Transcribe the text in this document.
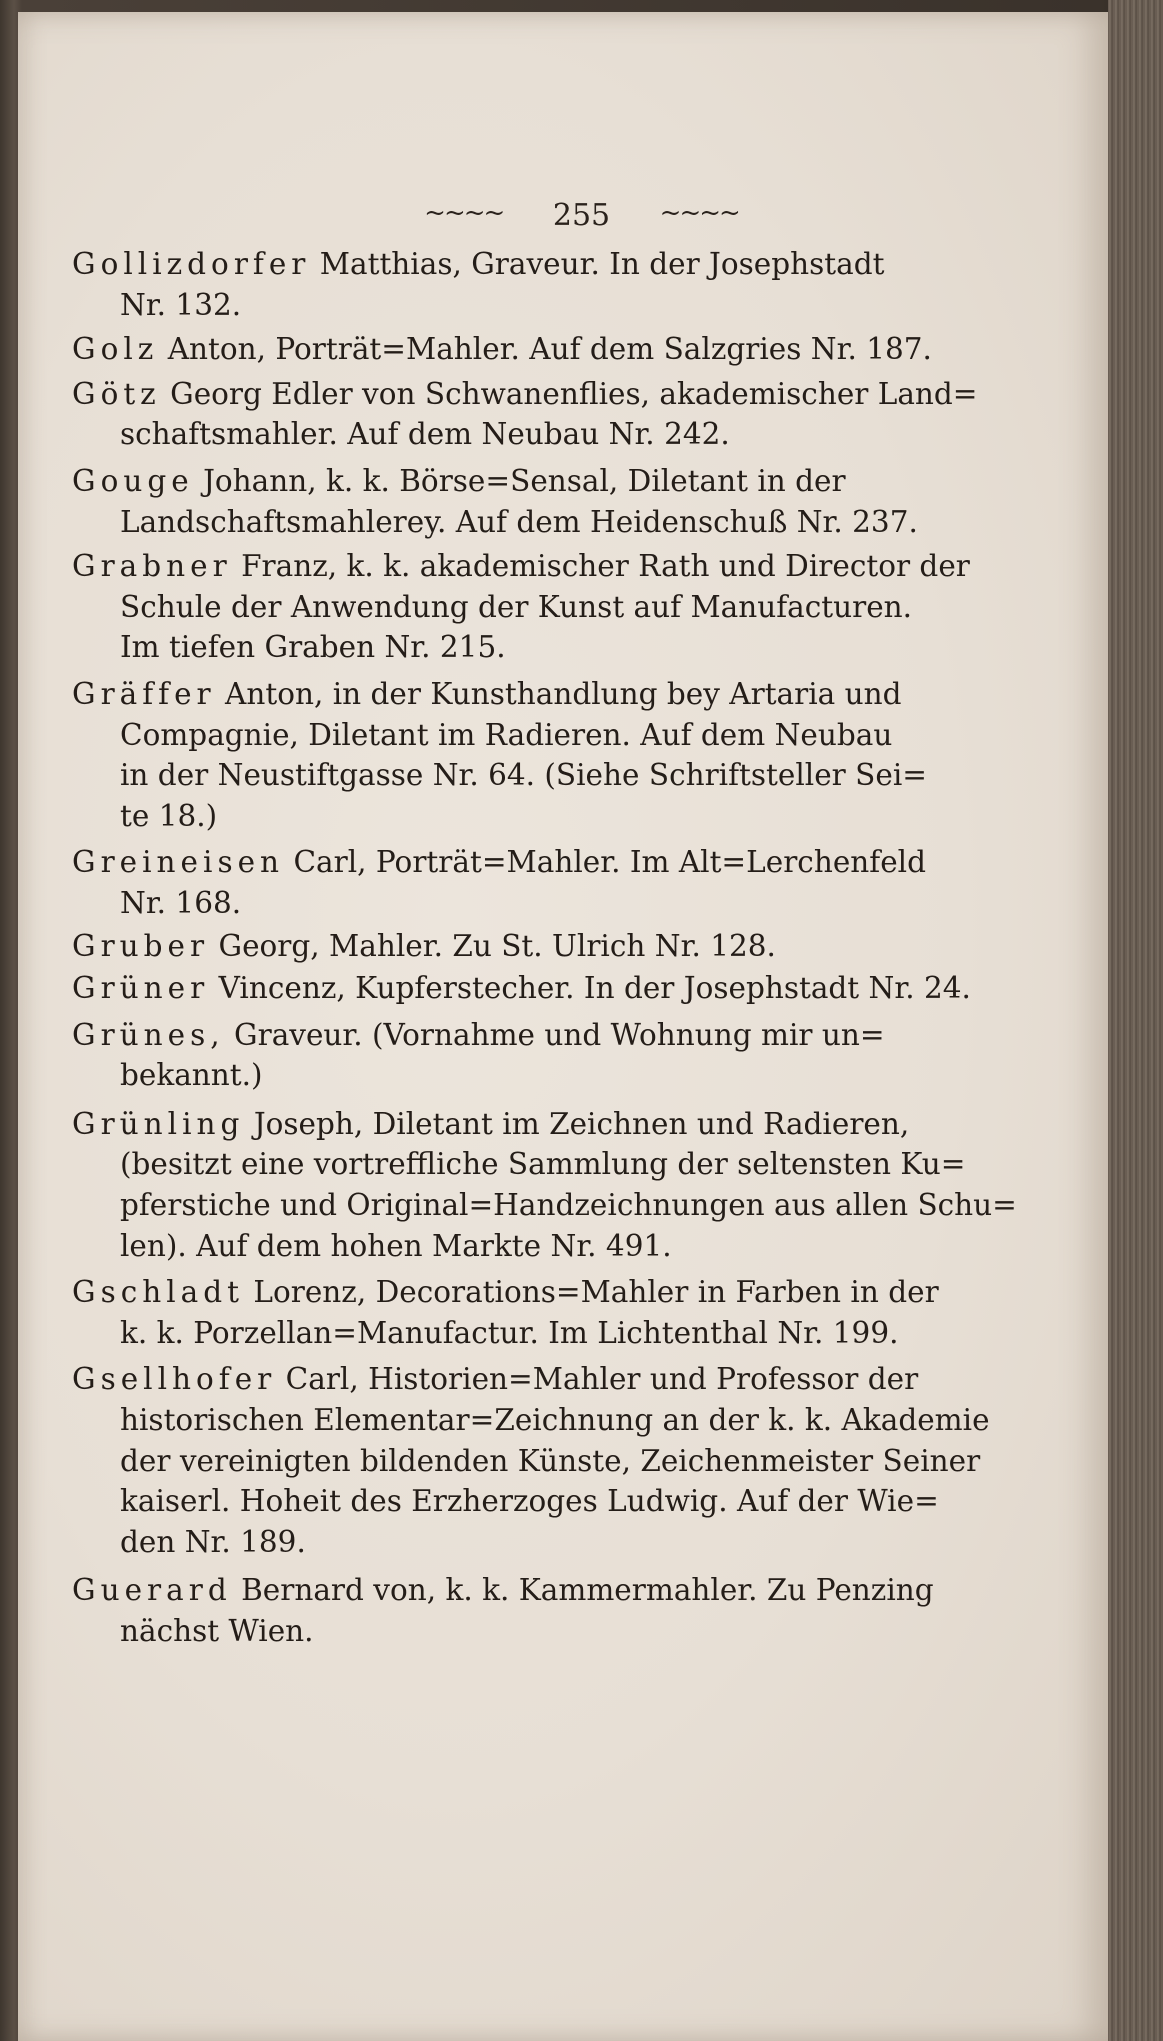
~~~~ 255 ~~~~
Gollizdorfer Matthias, Graveur. In der Josephstadt
Nr. 132.
Golz Anton, Porträt=Mahler. Auf dem Salzgries Nr. 187.
Götz Georg Edler von Schwanenflies, akademischer Land=
schaftsmahler. Auf dem Neubau Nr. 242.
Gouge Johann, k. k. Börse=Sensal, Diletant in der
Landschaftsmahlerey. Auf dem Heidenschuß Nr. 237.
Grabner Franz, k. k. akademischer Rath und Director der
Schule der Anwendung der Kunst auf Manufacturen.
Im tiefen Graben Nr. 215.
Gräffer Anton, in der Kunsthandlung bey Artaria und
Compagnie, Diletant im Radieren. Auf dem Neubau
in der Neustiftgasse Nr. 64. (Siehe Schriftsteller Sei=
te 18.)
Greineisen Carl, Porträt=Mahler. Im Alt=Lerchenfeld
Nr. 168.
Gruber Georg, Mahler. Zu St. Ulrich Nr. 128.
Grüner Vincenz, Kupferstecher. In der Josephstadt Nr. 24.
Grünes, Graveur. (Vornahme und Wohnung mir un=
bekannt.)
Grünling Joseph, Diletant im Zeichnen und Radieren,
(besitzt eine vortreffliche Sammlung der seltensten Ku=
pferstiche und Original=Handzeichnungen aus allen Schu=
len). Auf dem hohen Markte Nr. 491.
Gschladt Lorenz, Decorations=Mahler in Farben in der
k. k. Porzellan=Manufactur. Im Lichtenthal Nr. 199.
Gsellhofer Carl, Historien=Mahler und Professor der
historischen Elementar=Zeichnung an der k. k. Akademie
der vereinigten bildenden Künste, Zeichenmeister Seiner
kaiserl. Hoheit des Erzherzoges Ludwig. Auf der Wie=
den Nr. 189.
Guerard Bernard von, k. k. Kammermahler. Zu Penzing
nächst Wien.
